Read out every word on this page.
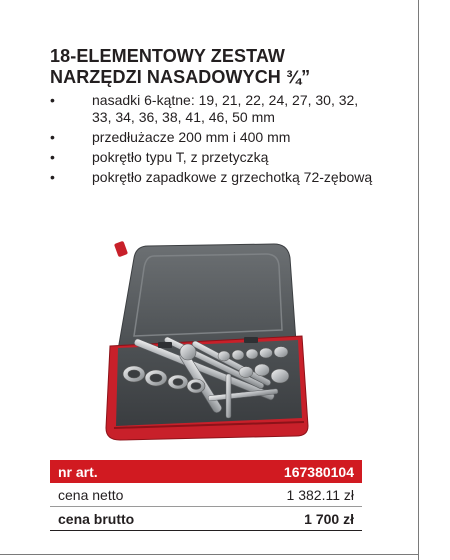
18-ELEMENTOWY ZESTAW
NARZĘDZI NASADOWYCH ¾”
•	nasadki 6-kątne: 19, 21, 22, 24, 27, 30, 32, 33, 34, 36, 38, 41, 46, 50 mm
•	przedłużacze 200 mm i 400 mm
•	pokrętło typu T, z przetyczką
•	pokrętło zapadkowe z grzechotką 72-zębową
nr art.	167380104
cena netto	1 382.11 zł
cena brutto	1 700 zł
